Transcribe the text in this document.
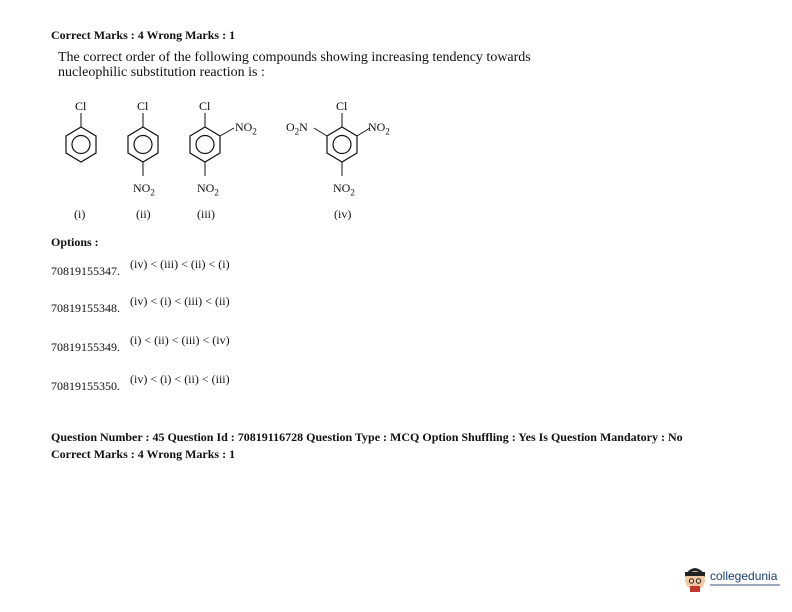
Correct Marks : 4 Wrong Marks : 1
The correct order of the following compounds showing increasing tendency towards
nucleophilic substitution reaction is :
Cl
(i)
Cl
$NO_2$
(ii)
Cl
$NO_2$
$NO_2$
(iii)
$O_2N$
Cl
$NO_2$
$NO_2$
(iv)
Options :
$_{70819155347.}$ (iv) < (iii) < (ii) < (i)
$_{70819155348.}$ (iv) < (i) < (iii) < (ii)
$_{70819155349.}$ (i) < (ii) < (iii) < (iv)
$_{70819155350.}$ (iv) < (i) < (ii) < (iii)
Question Number : 45 Question Id : 70819116728 Question Type : MCQ Option Shuffling : Yes Is Question Mandatory : No
Correct Marks : 4 Wrong Marks : 1
collegedunia
